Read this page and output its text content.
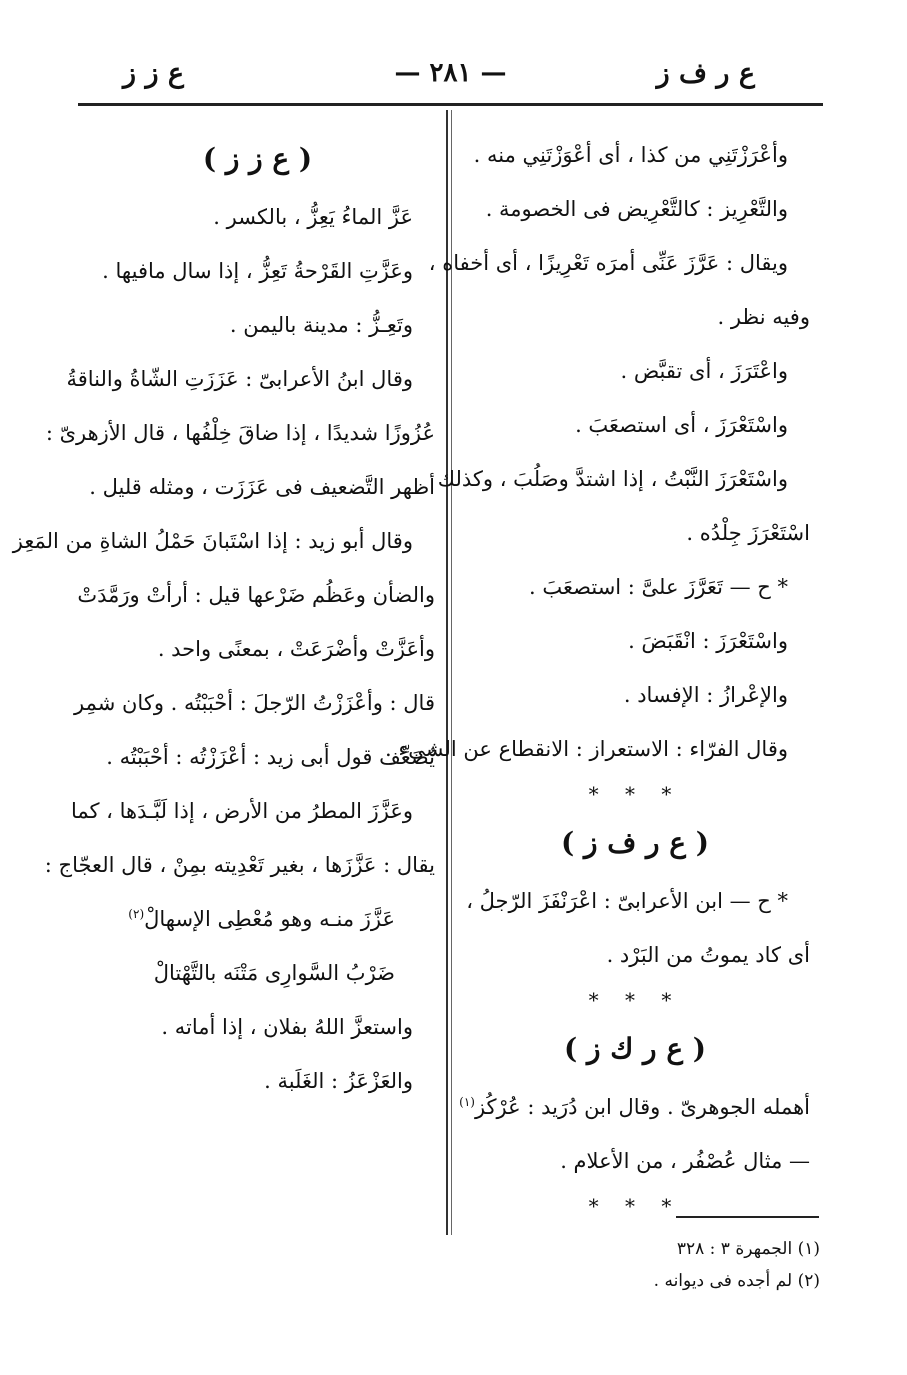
ع ر ف ز
— ٢٨١ —
ع ز ز
وأعْرَزْتَنِي من كذا ، أى أعْوَزْتَنِي منه .
والتَّعْرِيز : كالتَّعْرِيض فى الخصومة .
ويقال : عَرَّزَ عَنِّى أمرَه تَعْرِيزًا ، أى أخفاه ،
وفيه نظر .
واعْتَرَزَ ، أى تقبَّض .
واسْتَعْرَزَ ، أى استصعَبَ .
واسْتَعْرَزَ النَّبْتُ ، إذا اشتدَّ وصَلُبَ ، وكذلك
اسْتَعْرَزَ جِلْدُه .
* ح — تَعَرَّزَ علىَّ : استصعَبَ .
واسْتَعْرَزَ : انْقَبَضَ .
والإعْرازُ : الإفساد .
وقال الفرّاء : الاستعراز : الانقطاع عن الشىء .
* * *
( ع ر ف ز )
* ح — ابن الأعرابىّ : اعْرَنْفَزَ الرّجلُ ،
أى كاد يموتُ من البَرْد .
* * *
( ع ر ك ز )
أهمله الجوهرىّ . وقال ابن دُرَيد : عُرْكُز$^{(١)}$
— مثال عُصْفُر ، من الأعلام .
* * *
( ع ز ز )
عَزَّ الماءُ يَعِزُّ ، بالكسر .
وعَزَّتِ القَرْحةُ تَعِزُّ ، إذا سال مافيها .
وتَعِـزُّ : مدينة باليمن .
وقال ابنُ الأعرابىّ : عَزَزَتِ الشّاةُ والناقةُ
عُزُوزًا شديدًا ، إذا ضاقَ خِلْفُها ، قال الأزهرىّ :
أظهر التَّضعيف فى عَزَزَت ، ومثله قليل .
وقال أبو زيد : إذا اسْتَبانَ حَمْلُ الشاةِ من المَعِز
والضأن وعَظُم ضَرْعها قيل : أرأتْ ورَمَّدَتْ
وأعَزَّتْ وأضْرَعَتْ ، بمعنًى واحد .
قال : وأعْزَزْتُ الرّجلَ : أحْبَبْتُه . وكان شمِر
يُضَعِّف قول أبى زيد : أعْزَزْتُه : أحْبَبْتُه .
وعَزَّزَ المطرُ من الأرض ، إذا لَبَّـدَها ، كما
يقال : عَزَّزَها ، بغير تَعْدِيته بمِنْ ، قال العجّاج :
عَزَّزَ منـه وهو مُعْطِى الإسهالْ$^{(٢)}$
ضَرْبُ السَّوارِى مَتْنَه بالتَّهْتالْ
واستعزَّ اللهُ بفلان ، إذا أماته .
والعَزْعَزُ : الغَلَبة .
(١) الجمهرة ٣ : ٣٢٨
(٢) لم أجده فى ديوانه .
